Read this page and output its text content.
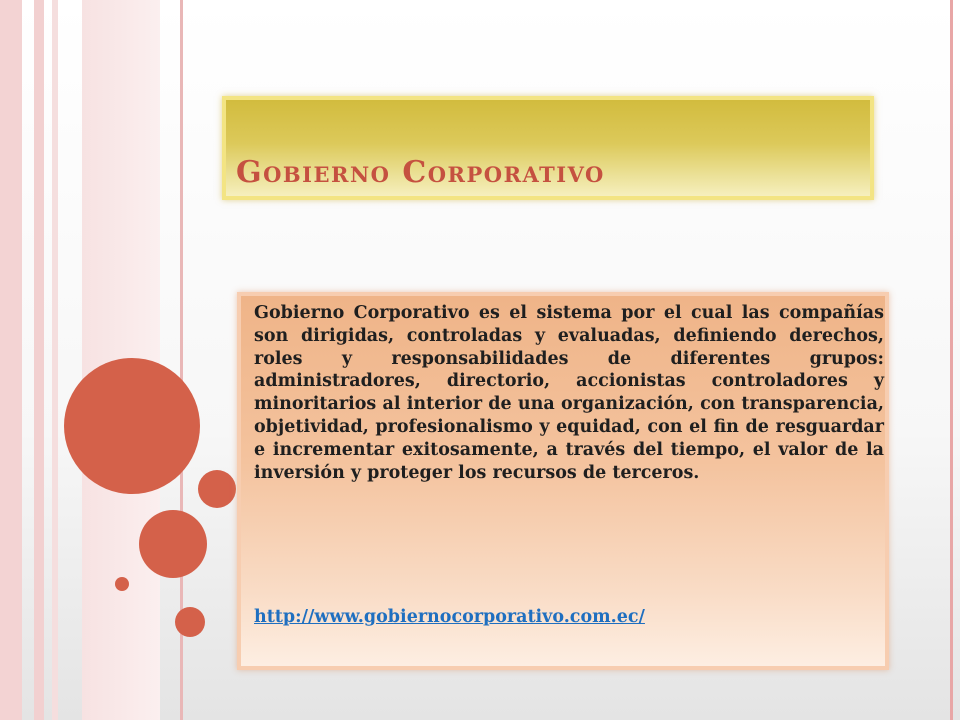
Gobierno Corporativo

Gobierno Corporativo es el sistema por el cual las compañías son dirigidas, controladas y evaluadas, definiendo derechos, roles y responsabilidades de diferentes grupos: administradores, directorio, accionistas controladores y minoritarios al interior de una organización, con transparencia, objetividad, profesionalismo y equidad, con el fin de resguardar e incrementar exitosamente, a través del tiempo, el valor de la inversión y proteger los recursos de terceros.

http://www.gobiernocorporativo.com.ec/
